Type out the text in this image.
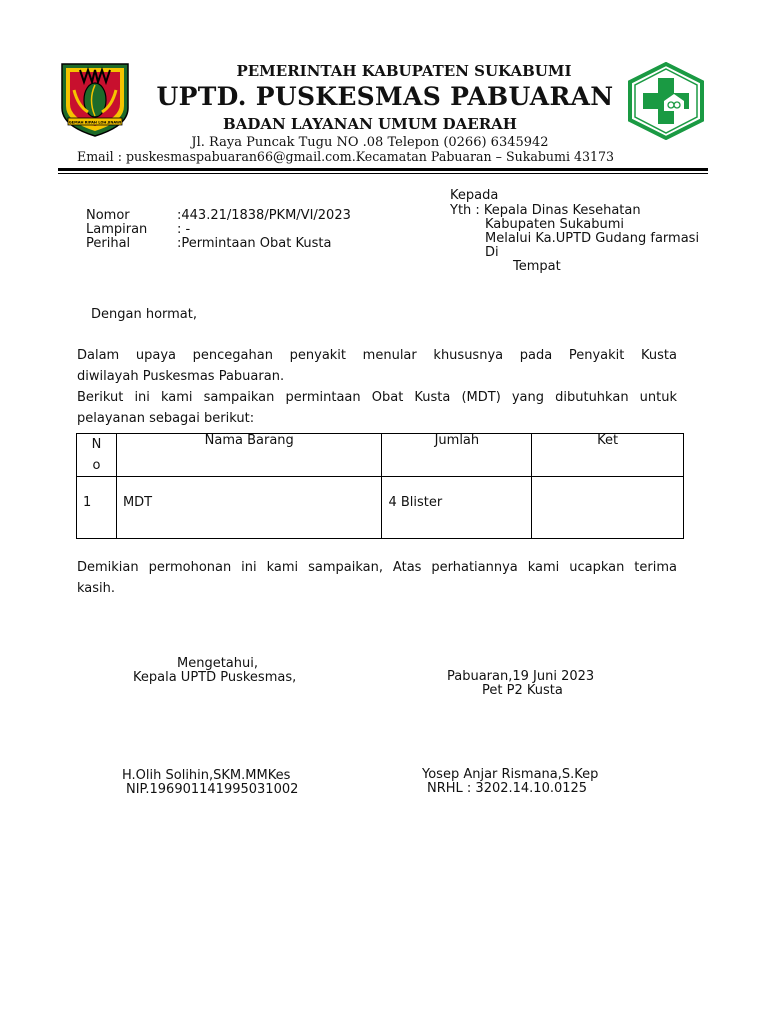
GEMAH RIPAH LOH JINAWI
PEMERINTAH KABUPATEN SUKABUMI
UPTD. PUSKESMAS PABUARAN
BADAN LAYANAN UMUM DAERAH
Jl. Raya Puncak Tugu NO .08 Telepon (0266) 6345942
Email : puskesmaspabuaran66@gmail.com.Kecamatan Pabuaran – Sukabumi 43173
Nomor	:443.21/1838/PKM/VI/2023
Lampiran : -
Perihal	:Permintaan Obat Kusta
Kepada
Yth : Kepala Dinas Kesehatan
Kabupaten Sukabumi
Melalui Ka.UPTD Gudang farmasi
Di
Tempat
Dengan hormat,
Dalam upaya pencegahan penyakit menular khususnya pada Penyakit Kusta
diwilayah Puskesmas Pabuaran.
Berikut ini kami sampaikan permintaan Obat Kusta (MDT) yang dibutuhkan untuk
pelayanan sebagai berikut:
N
o	Nama Barang	Jumlah	Ket
1	MDT	4 Blister	
Demikian permohonan ini kami sampaikan, Atas perhatiannya kami ucapkan terima
kasih.
Mengetahui,
Kepala UPTD Puskesmas,	Pabuaran,19 Juni 2023
Pet P2 Kusta
H.Olih Solihin,SKM.MMKes
NIP.196901141995031002
Yosep Anjar Rismana,S.Kep
NRHL : 3202.14.10.0125
